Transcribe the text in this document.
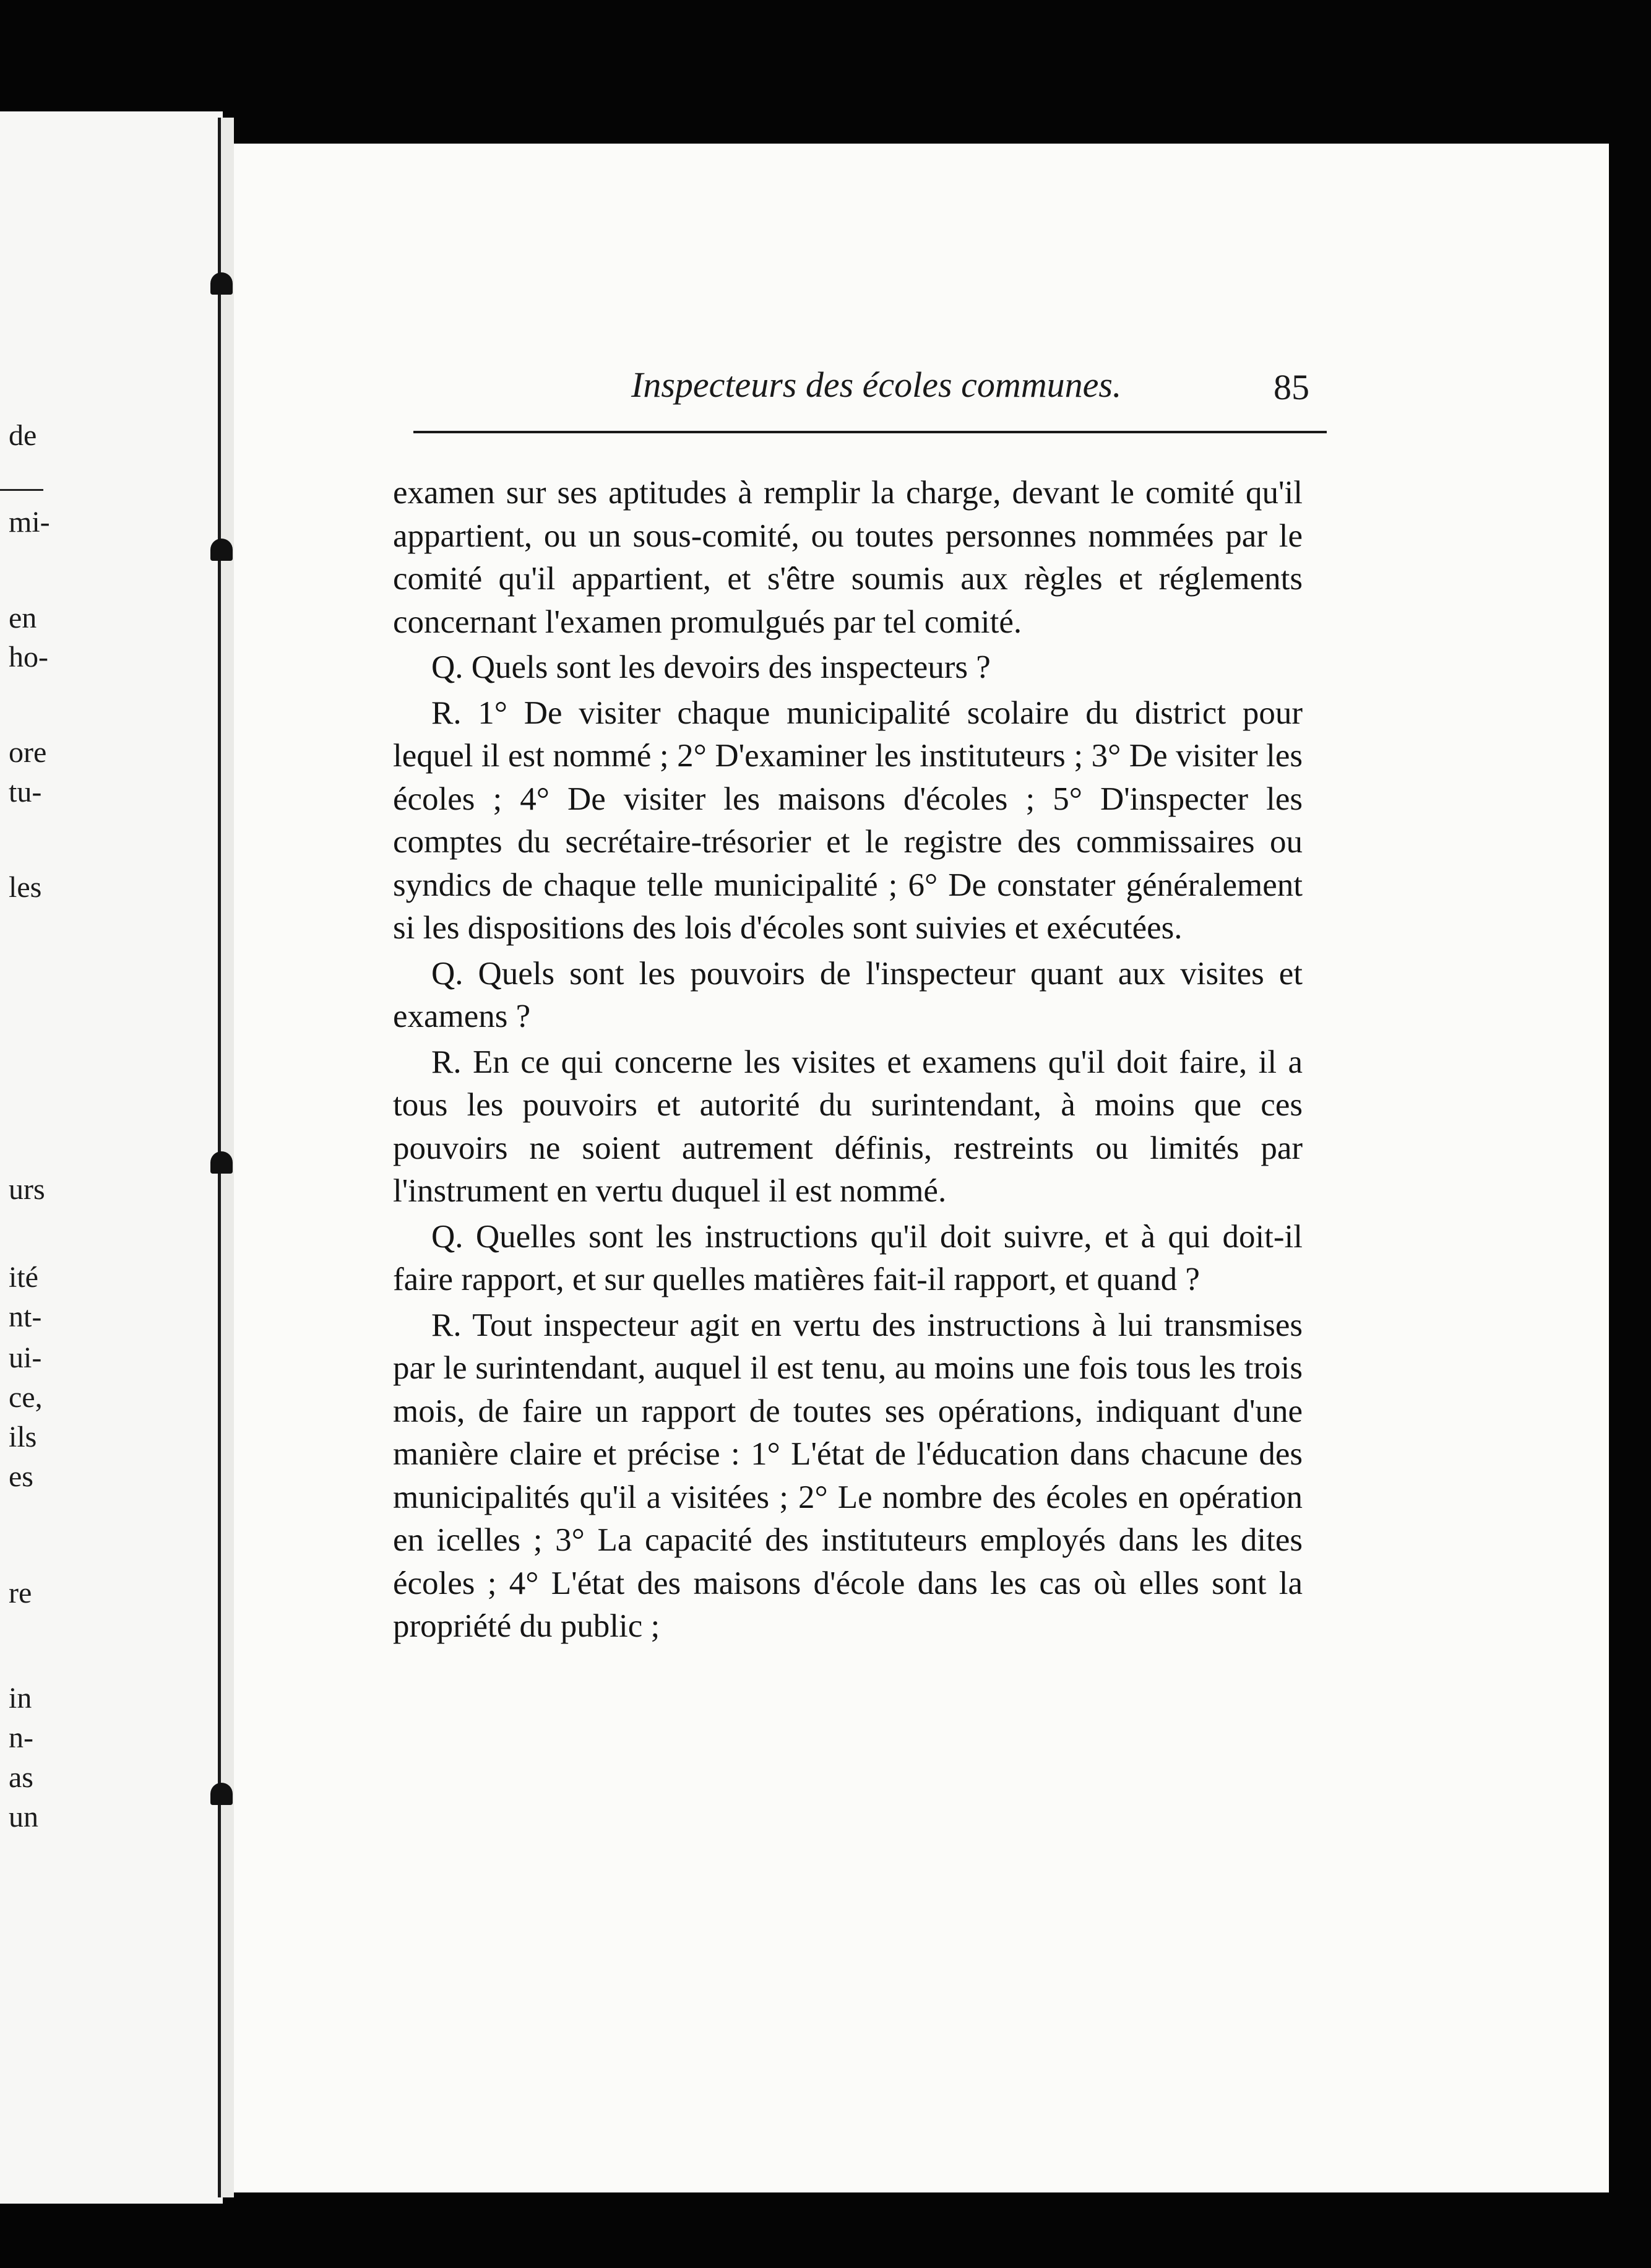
de
mi-
en
ho-
ore
tu-
les
urs
ité
nt-
ui-
ce,
ils
es
re
in
n-
as
un
Inspecteurs des écoles communes.	85

examen sur ses aptitudes à remplir la charge, devant le comité qu'il appartient, ou un sous-comité, ou toutes personnes nommées par le comité qu'il appartient, et s'être soumis aux règles et réglements concernant l'examen promulgués par tel comité.

Q. Quels sont les devoirs des inspecteurs ?

R. 1° De visiter chaque municipalité scolaire du district pour lequel il est nommé ; 2° D'examiner les instituteurs ; 3° De visiter les écoles ; 4° De visiter les maisons d'écoles ; 5° D'inspecter les comptes du secrétaire-trésorier et le registre des commissaires ou syndics de chaque telle municipalité ; 6° De constater généralement si les dispositions des lois d'écoles sont suivies et exécutées.

Q. Quels sont les pouvoirs de l'inspecteur quant aux visites et examens ?

R. En ce qui concerne les visites et examens qu'il doit faire, il a tous les pouvoirs et autorité du surintendant, à moins que ces pouvoirs ne soient autrement définis, restreints ou limités par l'instrument en vertu duquel il est nommé.

Q. Quelles sont les instructions qu'il doit suivre, et à qui doit-il faire rapport, et sur quelles matières fait-il rapport, et quand ?

R. Tout inspecteur agit en vertu des instructions à lui transmises par le surintendant, auquel il est tenu, au moins une fois tous les trois mois, de faire un rapport de toutes ses opérations, indiquant d'une manière claire et précise : 1° L'état de l'éducation dans chacune des municipalités qu'il a visitées ; 2° Le nombre des écoles en opération en icelles ; 3° La capacité des instituteurs employés dans les dites écoles ; 4° L'état des maisons d'école dans les cas où elles sont la propriété du public ;
